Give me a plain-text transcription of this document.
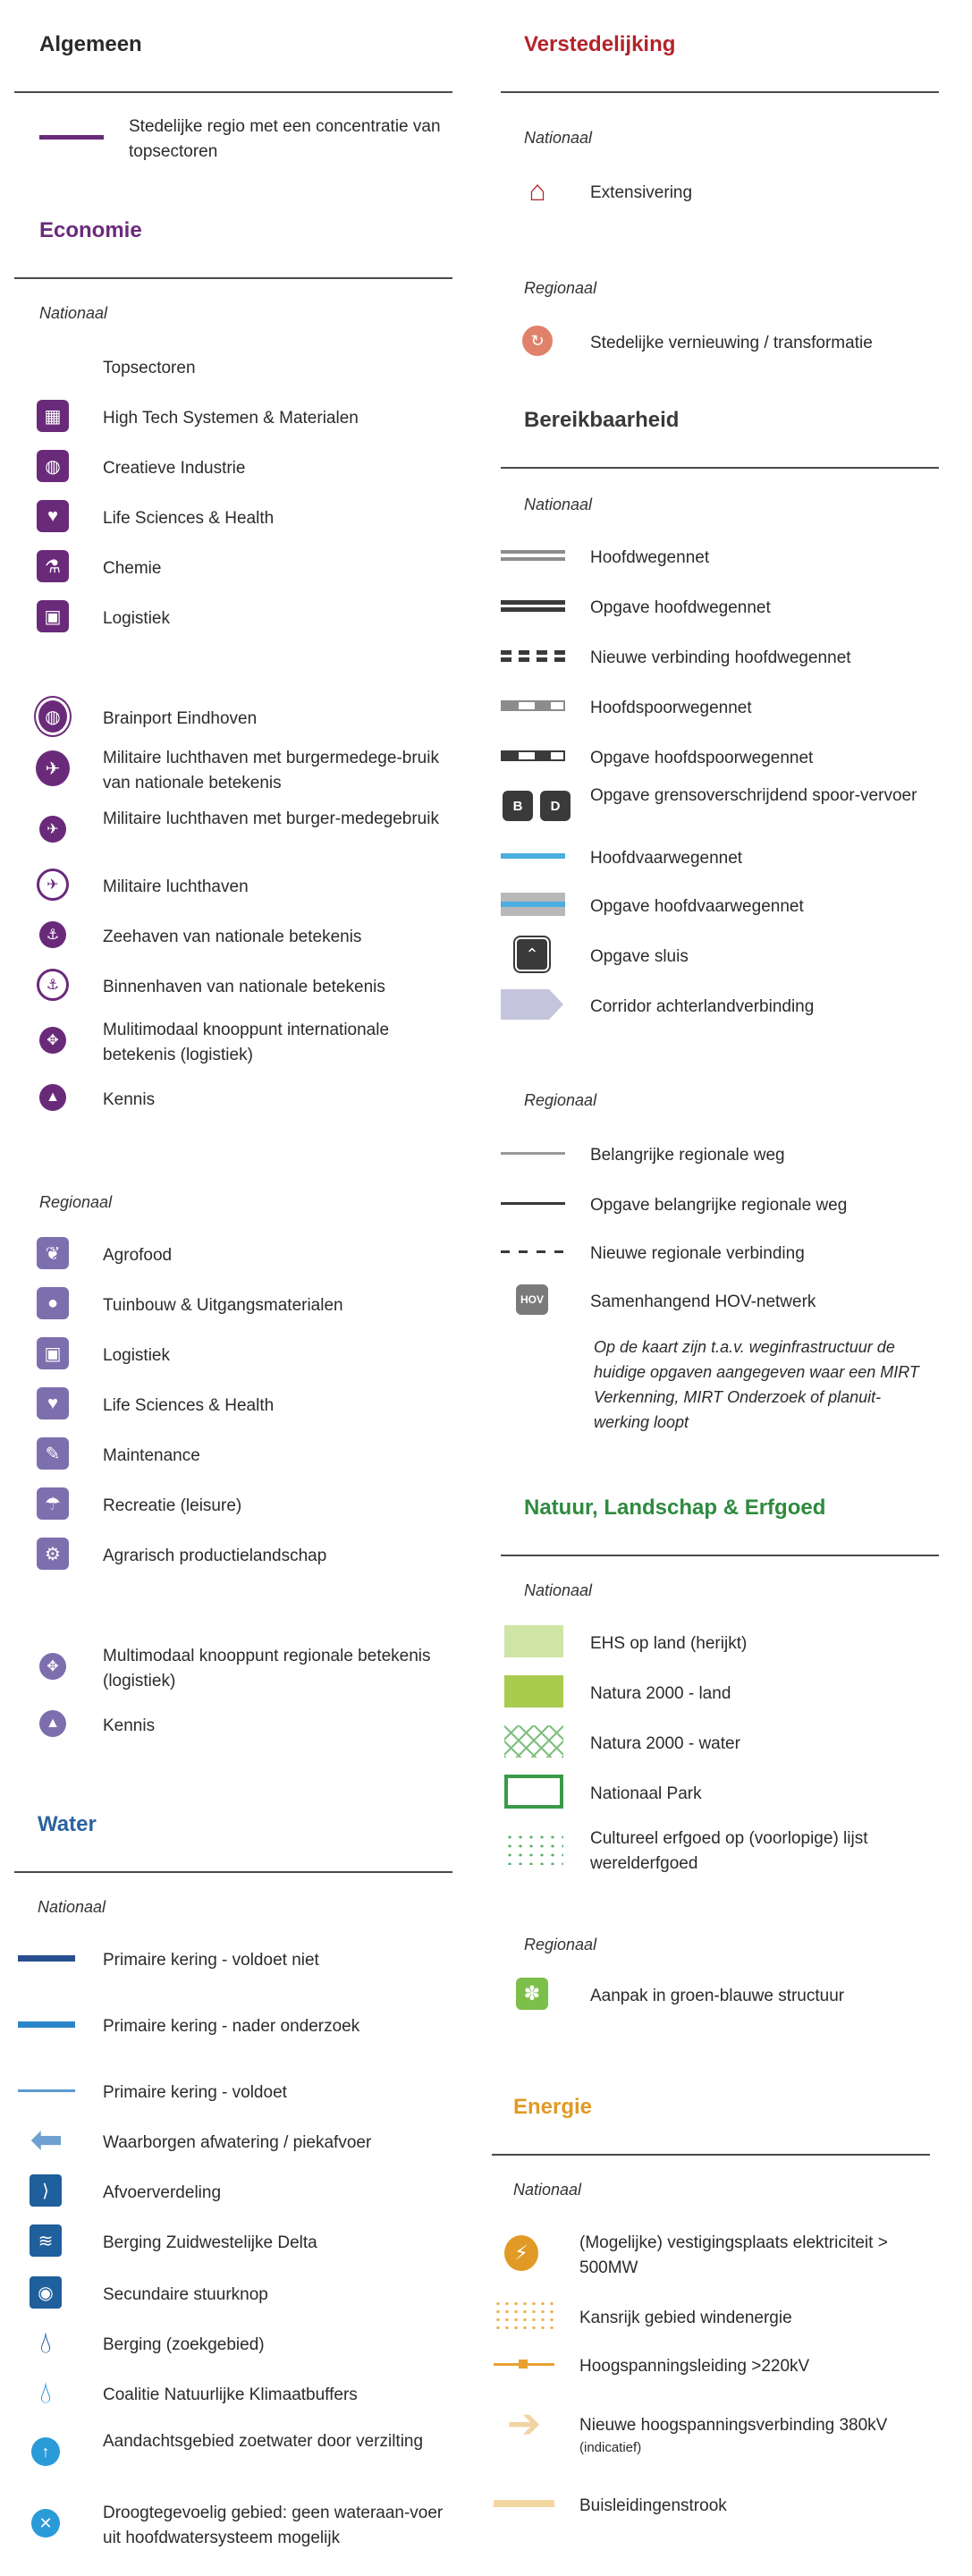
Algemeen
Stedelijke regio met een concentratie van topsectoren
Economie
Nationaal
Topsectoren
▦	High Tech Systemen & Materialen
◍	Creatieve Industrie
♥	Life Sciences & Health
⚗	Chemie
▣	Logistiek
◍	Brainport Eindhoven
✈
Militaire luchthaven met burgermedege-bruik van nationale betekenis
✈
Militaire luchthaven met burger-medegebruik
✈	Militaire luchthaven
⚓	Zeehaven van nationale betekenis
⚓	Binnenhaven van nationale betekenis
✥
Mulitimodaal knooppunt internationale betekenis (logistiek)
▲	Kennis
Regionaal
❦	Agrofood
●	Tuinbouw & Uitgangsmaterialen
▣	Logistiek
♥	Life Sciences & Health
✎	Maintenance
☂	Recreatie (leisure)
⚙	Agrarisch productielandschap
✥
Multimodaal knooppunt regionale betekenis (logistiek)
▲	Kennis
Water
Nationaal
Primaire kering - voldoet niet
Primaire kering - nader onderzoek
Primaire kering - voldoet
⬅ Waarborgen afwatering / piekafvoer
⟩	Afvoerverdeling
≋	Berging Zuidwestelijke Delta
◉	Secundaire stuurknop
💧︎	Berging (zoekgebied)
💧︎	Coalitie Natuurlijke Klimaatbuffers
↑
Aandachtsgebied zoetwater door verzilting
✕
Droogtegevoelig gebied: geen wateraan-voer uit hoofdwatersysteem mogelijk
Verstedelijking
Nationaal
⌂	Extensivering
Regionaal
↻	Stedelijke vernieuwing / transformatie
Bereikbaarheid
Nationaal
Hoofdwegennet
Opgave hoofdwegennet
Nieuwe verbinding hoofdwegennet
Hoofdspoorwegennet
Opgave hoofdspoorwegennet
B	D
Opgave grensoverschrijdend spoor-vervoer
Hoofdvaarwegennet
Opgave hoofdvaarwegennet
⌃	Opgave sluis
Corridor achterlandverbinding
Regionaal
Belangrijke regionale weg
Opgave belangrijke regionale weg
Nieuwe regionale verbinding
HOV	Samenhangend HOV-netwerk
Op de kaart zijn t.a.v. weginfrastructuur de huidige opgaven aangegeven waar een MIRT Verkenning, MIRT Onderzoek of planuit-werking loopt
Natuur, Landschap & Erfgoed
Nationaal
EHS op land (herijkt)
Natura 2000 - land
Natura 2000 - water
Nationaal Park
Cultureel erfgoed op (voorlopige) lijst werelderfgoed
Regionaal
✽	Aanpak in groen-blauwe structuur
Energie
Nationaal
⚡︎	(Mogelijke) vestigingsplaats elektriciteit > 500MW
Kansrijk gebied windenergie
Hoogspanningsleiding >220kV
➔ Nieuwe hoogspanningsverbinding 380kV
(indicatief)
Buisleidingenstrook
